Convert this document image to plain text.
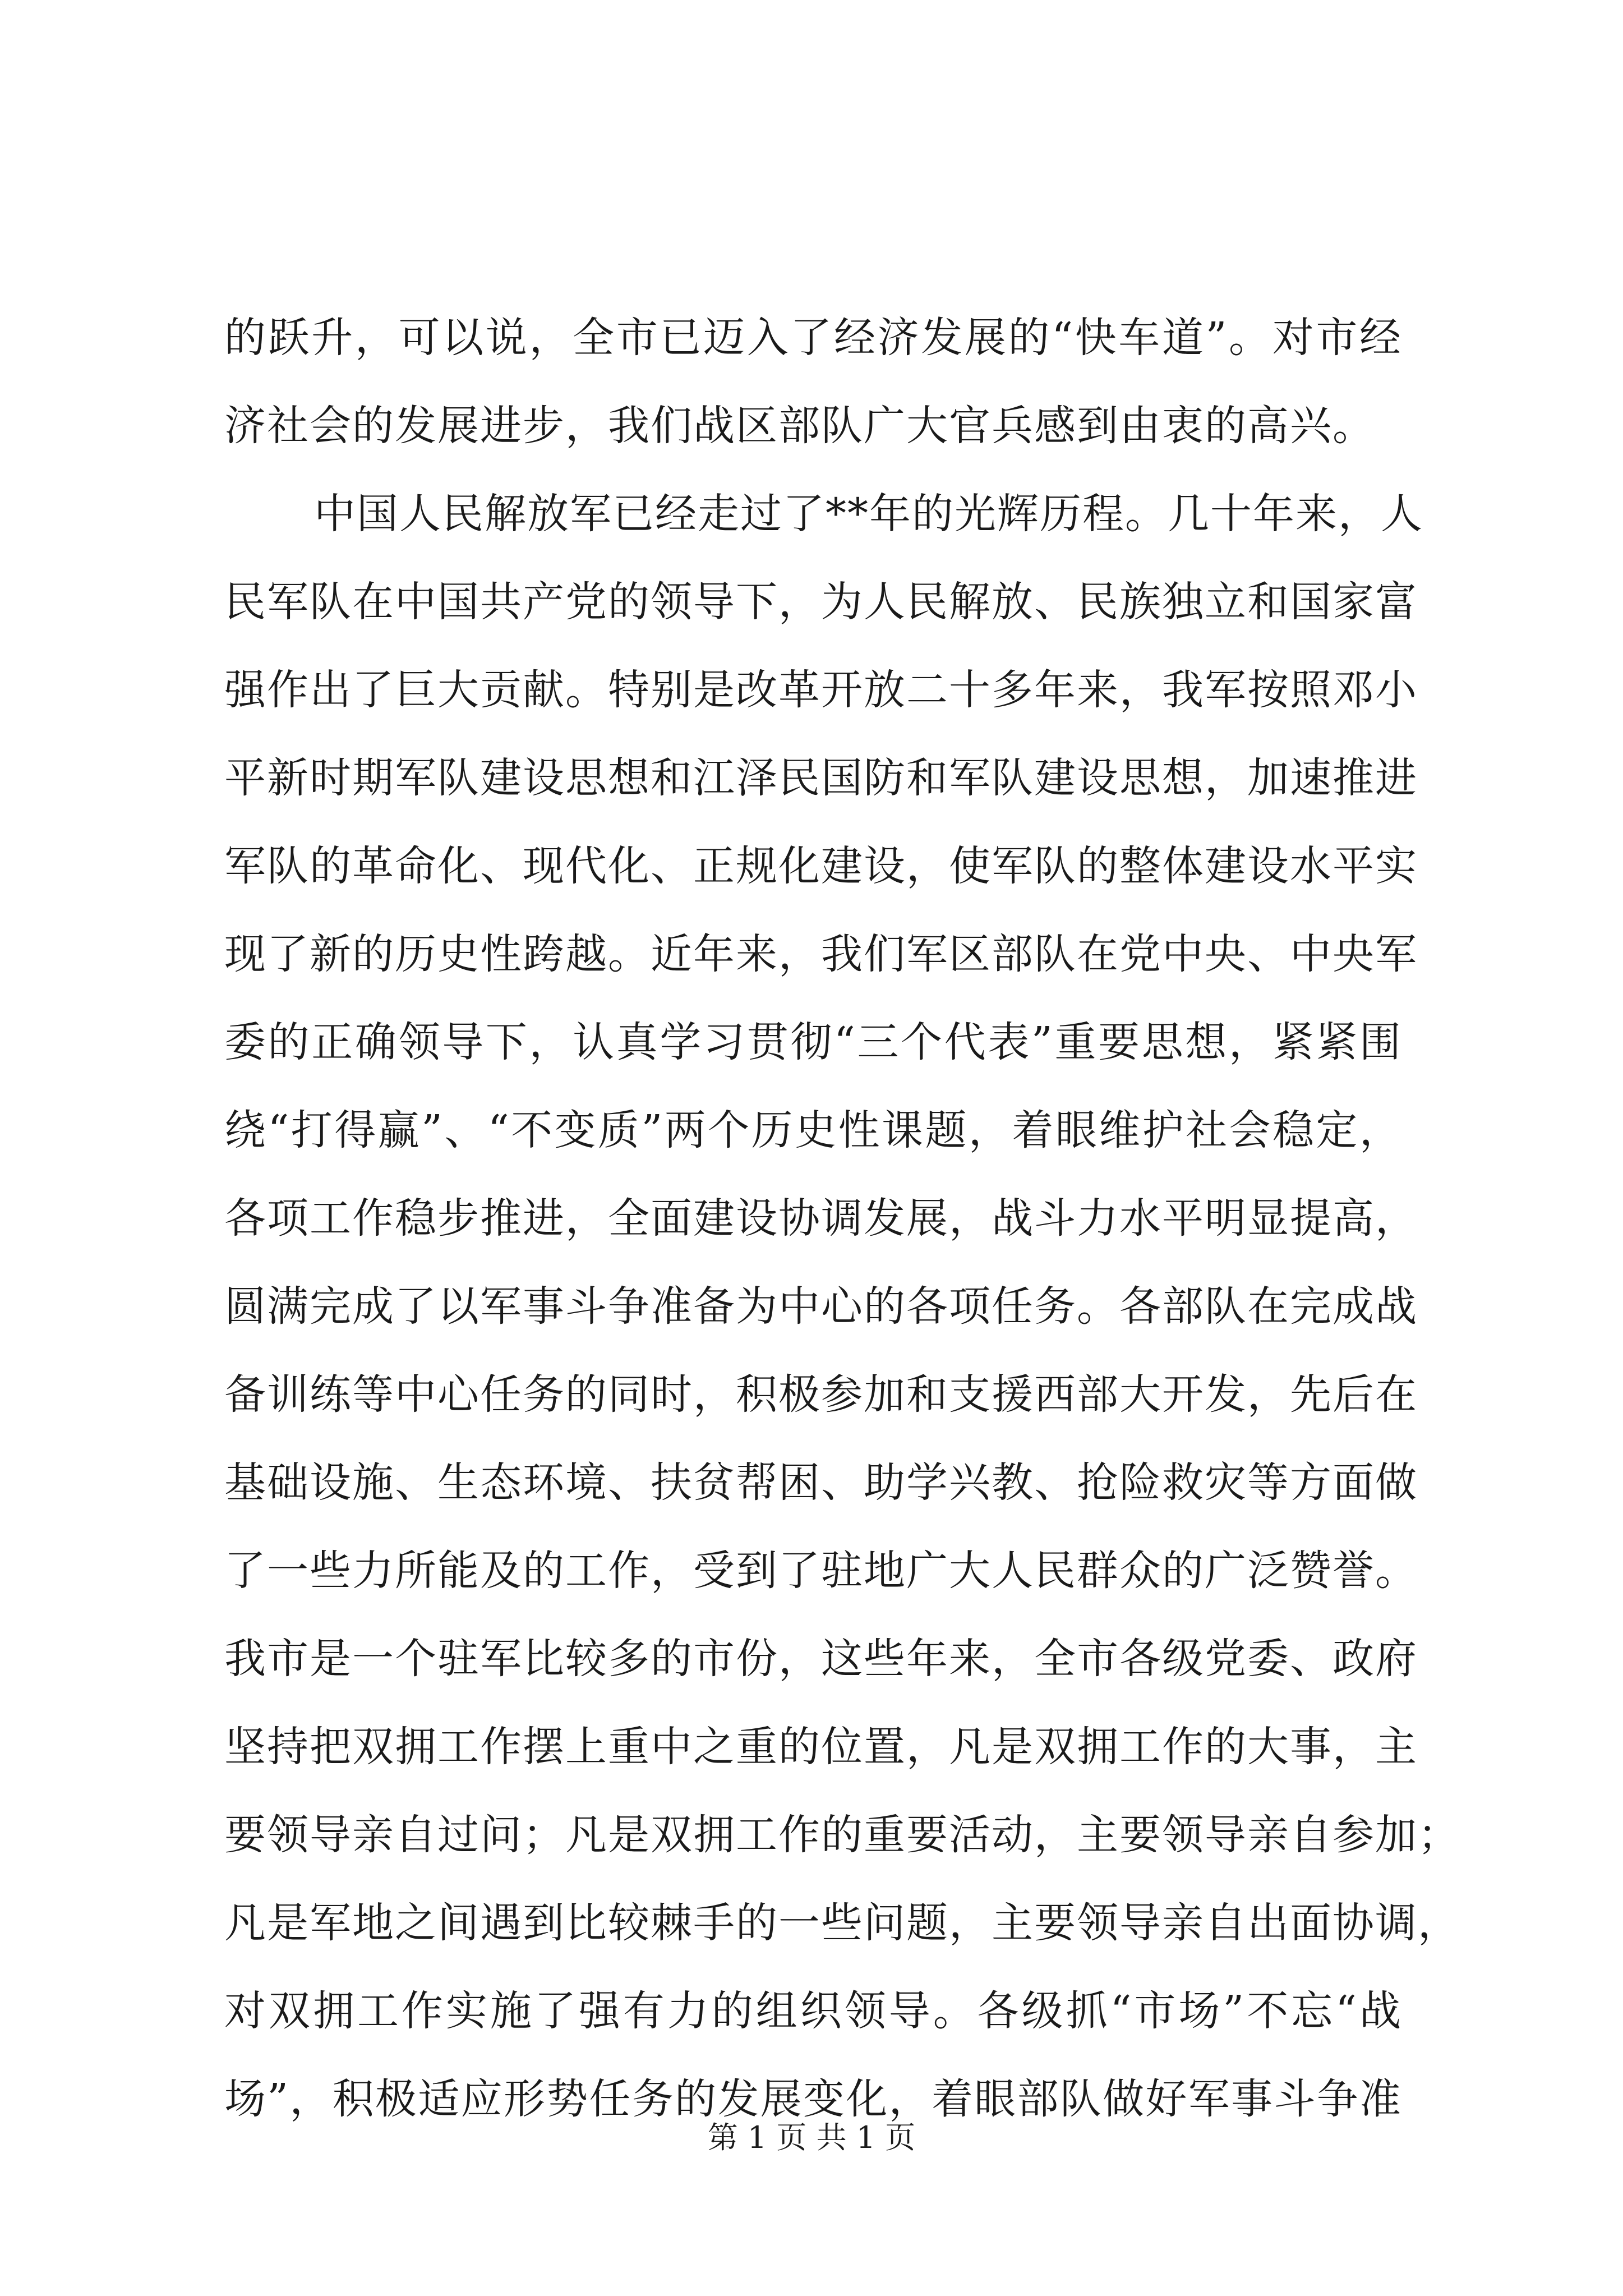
的跃升，可以说，全市已迈入了经济发展的“快车道”。对市经
济社会的发展进步，我们战区部队广大官兵感到由衷的高兴。
中国人民解放军已经走过了**年的光辉历程。几十年来，人
民军队在中国共产党的领导下，为人民解放、民族独立和国家富
强作出了巨大贡献。特别是改革开放二十多年来，我军按照邓小
平新时期军队建设思想和江泽民国防和军队建设思想，加速推进
军队的革命化、现代化、正规化建设，使军队的整体建设水平实
现了新的历史性跨越。近年来，我们军区部队在党中央、中央军
委的正确领导下，认真学习贯彻“三个代表”重要思想，紧紧围
绕“打得赢”、“不变质”两个历史性课题，着眼维护社会稳定，
各项工作稳步推进，全面建设协调发展，战斗力水平明显提高，
圆满完成了以军事斗争准备为中心的各项任务。各部队在完成战
备训练等中心任务的同时，积极参加和支援西部大开发，先后在
基础设施、生态环境、扶贫帮困、助学兴教、抢险救灾等方面做
了一些力所能及的工作，受到了驻地广大人民群众的广泛赞誉。
我市是一个驻军比较多的市份，这些年来，全市各级党委、政府
坚持把双拥工作摆上重中之重的位置，凡是双拥工作的大事，主
要领导亲自过问；凡是双拥工作的重要活动，主要领导亲自参加；
凡是军地之间遇到比较棘手的一些问题，主要领导亲自出面协调，
对双拥工作实施了强有力的组织领导。各级抓“市场”不忘“战
场”，积极适应形势任务的发展变化，着眼部队做好军事斗争准
第 1 页 共 1 页
